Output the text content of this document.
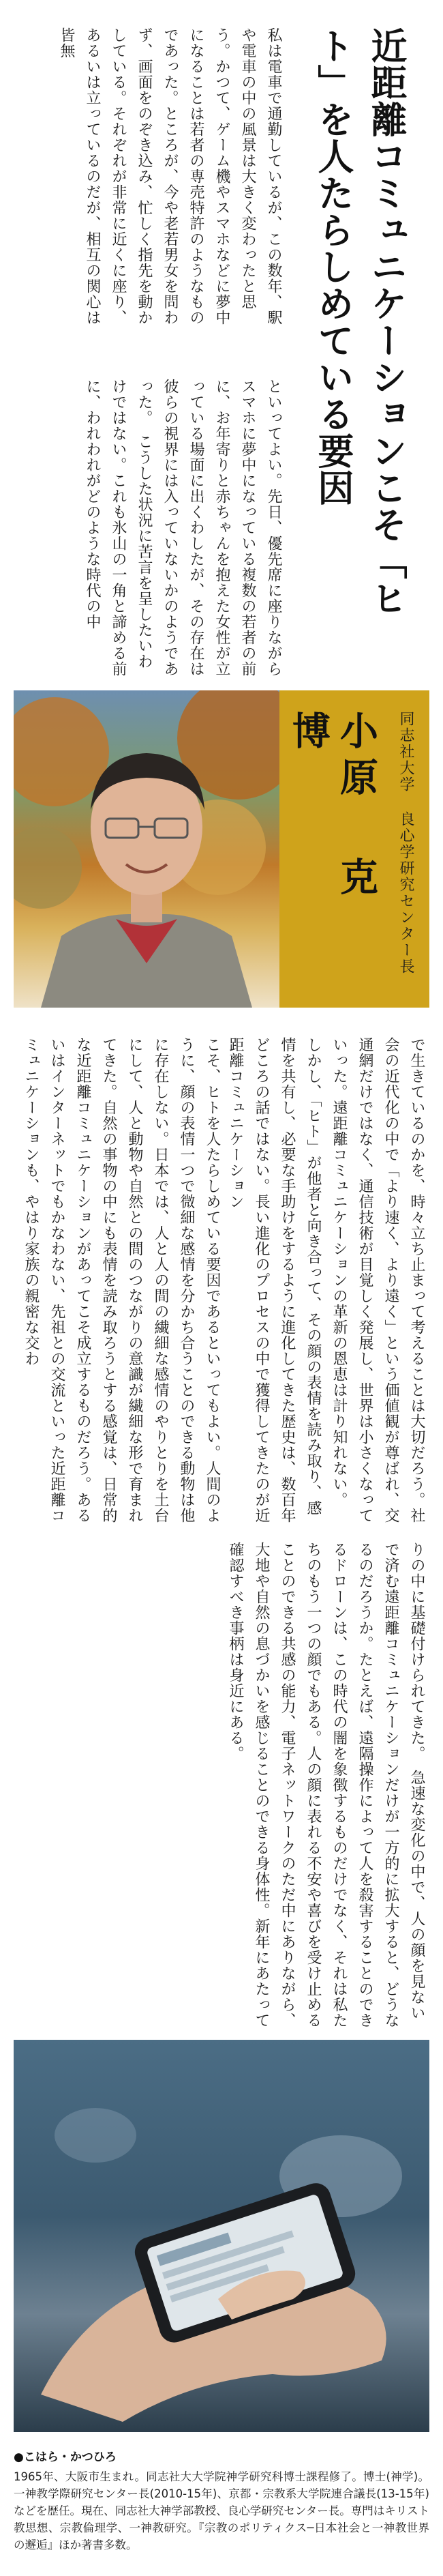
近距離コミュニケーションこそ「ヒト」を人たらしめている要因

私は電車で通勤しているが、この数年、駅や電車の中の風景は大きく変わったと思う。かつて、ゲーム機やスマホなどに夢中になることは若者の専売特許のようなものであった。ところが、今や老若男女を問わず、画面をのぞき込み、忙しく指先を動かしている。それぞれが非常に近くに座り、あるいは立っているのだが、相互の関心は皆無

といってよい。先日、優先席に座りながらスマホに夢中になっている複数の若者の前に、お年寄りと赤ちゃんを抱えた女性が立っている場面に出くわしたが、その存在は彼らの視界には入っていないかのようであった。　こうした状況に苦言を呈したいわけではない。これも氷山の一角と諦める前に、われわれがどのような時代の中

同志社大学 良心学研究センター長
小原 克博

で生きているのかを、時々立ち止まって考えることは大切だろう。社会の近代化の中で「より速く、より遠く」という価値観が尊ばれ、交通網だけではなく、通信技術が目覚しく発展し、世界は小さくなっていった。遠距離コミュニケーションの革新の恩恵は計り知れない。　しかし、「ヒト」が他者と向き合って、その顔の表情を読み取り、感情を共有し、必要な手助けをするように進化してきた歴史は、数百年どころの話ではない。長い進化のプロセスの中で獲得してきたのが近距離コミュニケーション

こそ、ヒトを人たらしめている要因であるといってもよい。人間のように、顔の表情一つで微細な感情を分かち合うことのできる動物は他に存在しない。日本では、人と人の間の繊細な感情のやりとりを土台にして、人と動物や自然との間のつながりの意識が繊細な形で育まれてきた。自然の事物の中にも表情を読み取ろうとする感覚は、日常的な近距離コミュニケーションがあってこそ成立するものだろう。あるいはインターネットでもかなわない、先祖との交流といった近距離コミュニケーションも、やはり家族の親密な交わ

りの中に基礎付けられてきた。　急速な変化の中で、人の顔を見ないで済む遠距離コミュニケーションだけが一方的に拡大すると、どうなるのだろうか。たとえば、遠隔操作によって人を殺害することのできるドローンは、この時代の闇を象徴するものだけでなく、それは私たちのもう一つの顔でもある。人の顔に表れる不安や喜びを受け止めることのできる共感の能力、電子ネットワークのただ中にありながら、大地や自然の息づかいを感じることのできる身体性。新年にあたって確認すべき事柄は身近にある。

●こはら・かつひろ
1965年、大阪市生まれ。同志社大大学院神学研究科博士課程修了。博士(神学)。一神教学際研究センター長(2010-15年)、京都・宗教系大学院連合議長(13-15年)などを歴任。現在、同志社大神学部教授、良心学研究センター長。専門はキリスト教思想、宗教倫理学、一神教研究。『宗教のポリティクス─日本社会と一神教世界の邂逅』ほか著書多数。
